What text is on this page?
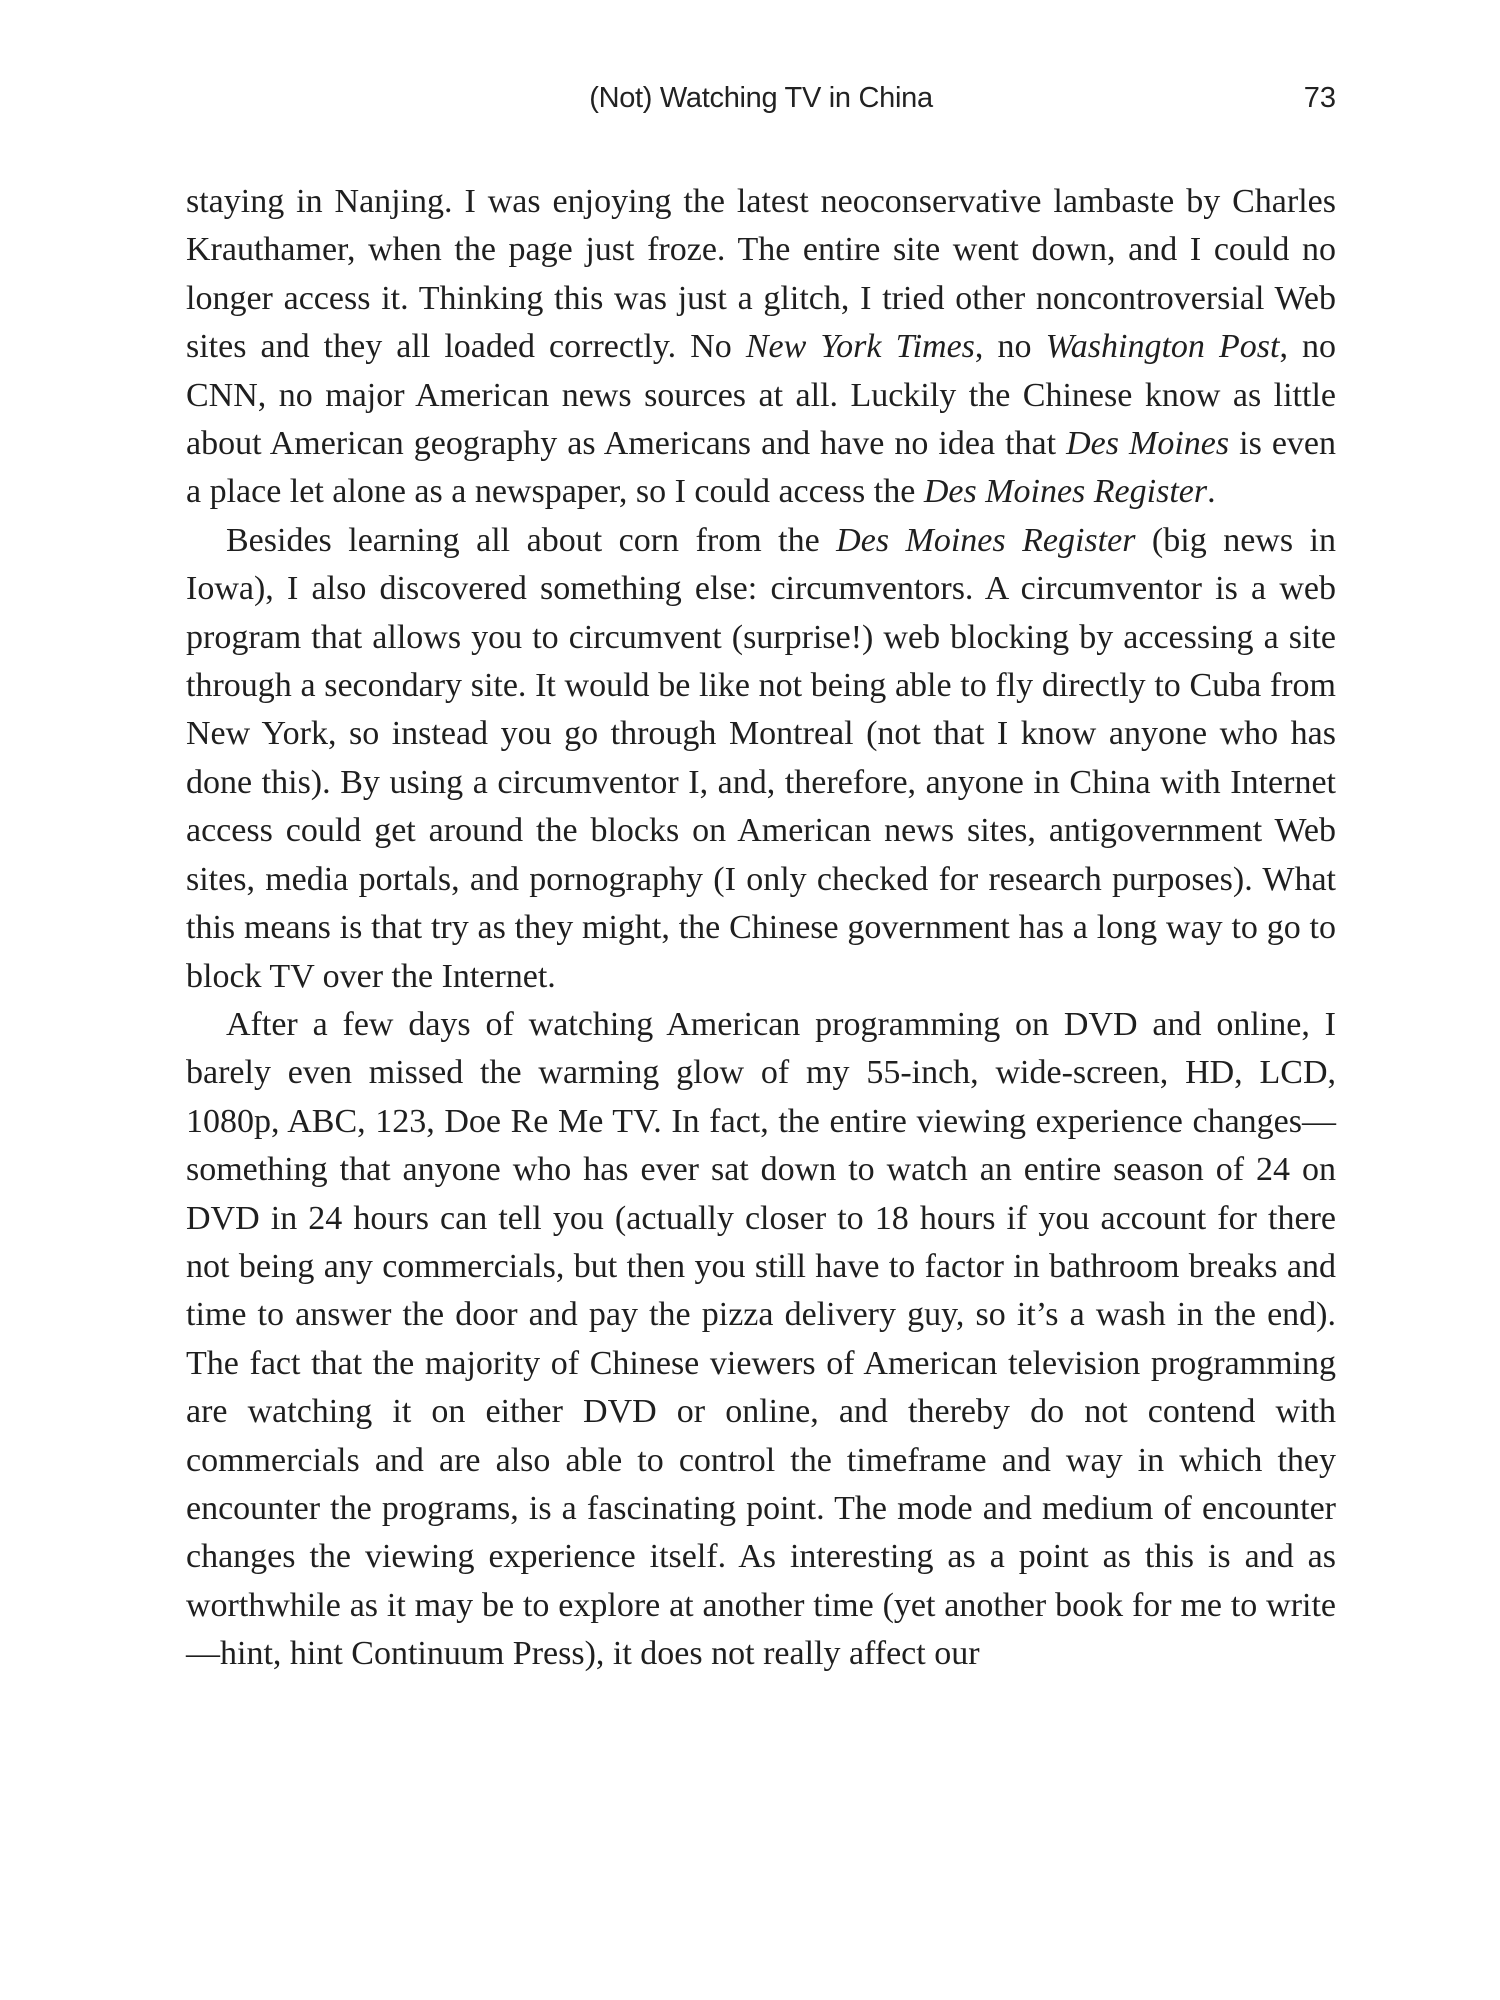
(Not) Watching TV in China	73

staying in Nanjing. I was enjoying the latest neoconservative lambaste by Charles Krauthamer, when the page just froze. The entire site went down, and I could no longer access it. Thinking this was just a glitch, I tried other noncontroversial Web sites and they all loaded correctly. No New York Times, no Washington Post, no CNN, no major American news sources at all. Luckily the Chinese know as little about American geography as Americans and have no idea that Des Moines is even a place let alone as a newspaper, so I could access the Des Moines Register.

Besides learning all about corn from the Des Moines Register (big news in Iowa), I also discovered something else: circumventors. A circumventor is a web program that allows you to circumvent (surprise!) web blocking by accessing a site through a secondary site. It would be like not being able to fly directly to Cuba from New York, so instead you go through Montreal (not that I know anyone who has done this). By using a circumventor I, and, therefore, anyone in China with Internet access could get around the blocks on American news sites, antigovernment Web sites, media portals, and pornography (I only checked for research purposes). What this means is that try as they might, the Chinese government has a long way to go to block TV over the Internet.

After a few days of watching American programming on DVD and online, I barely even missed the warming glow of my 55-inch, wide-screen, HD, LCD, 1080p, ABC, 123, Doe Re Me TV. In fact, the entire viewing experience changes—something that anyone who has ever sat down to watch an entire season of 24 on DVD in 24 hours can tell you (actually closer to 18 hours if you account for there not being any commercials, but then you still have to factor in bathroom breaks and time to answer the door and pay the pizza delivery guy, so it’s a wash in the end). The fact that the majority of Chinese viewers of American television programming are watching it on either DVD or online, and thereby do not contend with commercials and are also able to control the timeframe and way in which they encounter the programs, is a fascinating point. The mode and medium of encounter changes the viewing experience itself. As interesting as a point as this is and as worthwhile as it may be to explore at another time (yet another book for me to write—hint, hint Continuum Press), it does not really affect our
